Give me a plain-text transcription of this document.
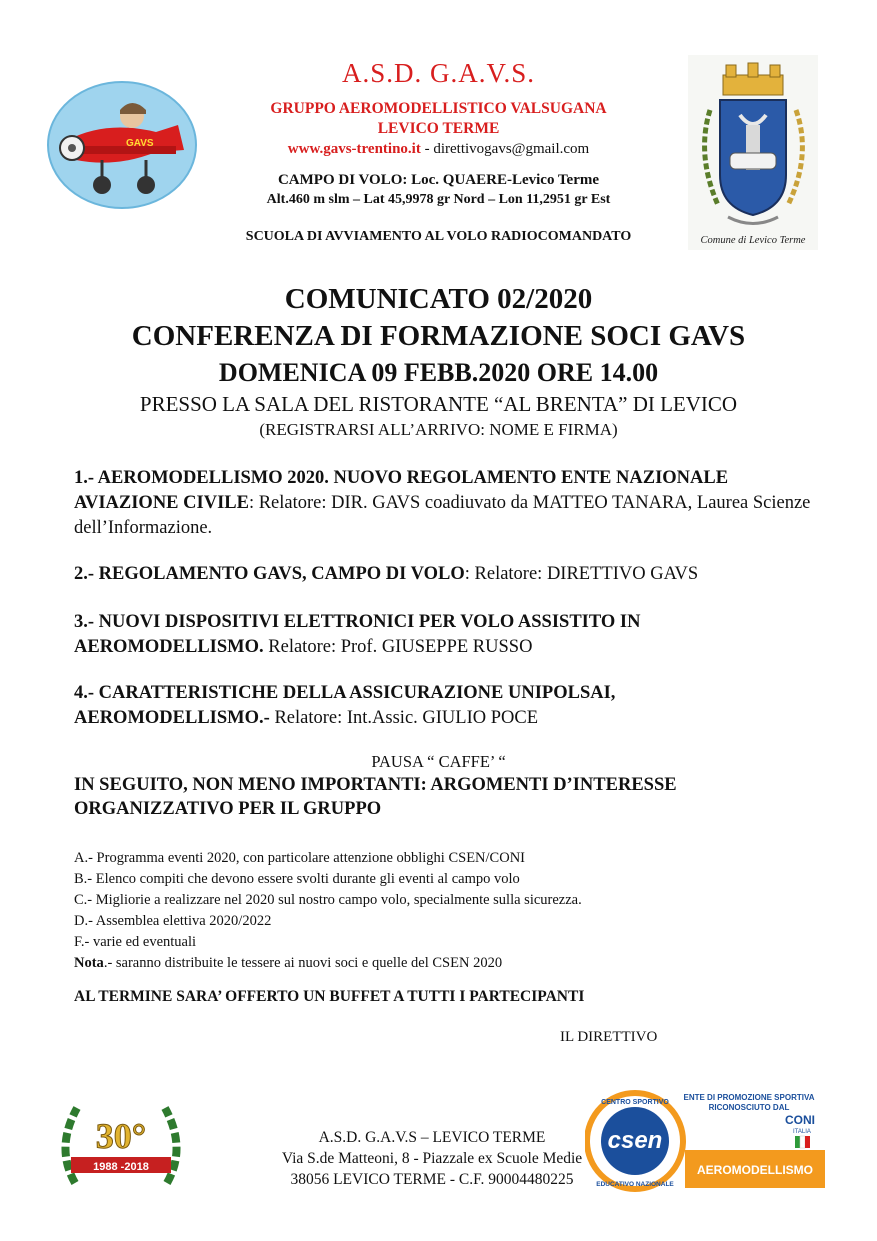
GAVS
A.S.D. G.A.V.S.
GRUPPO AEROMODELLISTICO VALSUGANA
LEVICO TERME
www.gavs-trentino.it - direttivogavs@gmail.com
CAMPO DI VOLO: Loc. QUAERE-Levico Terme
Alt.460 m slm – Lat 45,9978 gr Nord – Lon 11,2951 gr Est
SCUOLA DI AVVIAMENTO AL VOLO RADIOCOMANDATO	Comune di Levico Terme
COMUNICATO 02/2020
CONFERENZA DI FORMAZIONE SOCI GAVS
DOMENICA 09 FEBB.2020 ORE 14.00
PRESSO LA SALA DEL RISTORANTE “AL BRENTA” DI LEVICO
(REGISTRARSI ALL’ARRIVO: NOME E FIRMA)
1.- AEROMODELLISMO 2020. NUOVO REGOLAMENTO ENTE NAZIONALE AVIAZIONE CIVILE: Relatore: DIR. GAVS coadiuvato da MATTEO TANARA, Laurea Scienze dell’Informazione.
2.- REGOLAMENTO GAVS, CAMPO DI VOLO: Relatore: DIRETTIVO GAVS
3.- NUOVI DISPOSITIVI ELETTRONICI PER VOLO ASSISTITO IN AEROMODELLISMO. Relatore: Prof. GIUSEPPE RUSSO
4.- CARATTERISTICHE DELLA ASSICURAZIONE UNIPOLSAI, AEROMODELLISMO.- Relatore: Int.Assic. GIULIO POCE
PAUSA “ CAFFE’ “
IN SEGUITO, NON MENO IMPORTANTI: ARGOMENTI D’INTERESSE ORGANIZZATIVO PER IL GRUPPO
A.- Programma eventi 2020, con particolare attenzione obblighi CSEN/CONI
B.- Elenco compiti che devono essere svolti durante gli eventi al campo volo
C.- Migliorie a realizzare nel 2020 sul nostro campo volo, specialmente sulla sicurezza.
D.- Assemblea elettiva 2020/2022
F.- varie ed eventuali
Nota.- saranno distribuite le tessere ai nuovi soci e quelle del CSEN 2020
AL TERMINE SARA’ OFFERTO UN BUFFET A TUTTI I PARTECIPANTI
IL DIRETTIVO
30°
1988 -2018
A.S.D. G.A.V.S – LEVICO TERME
Via S.de Matteoni, 8 - Piazzale ex Scuole Medie
38056 LEVICO TERME - C.F. 90004480225
csen
CENTRO SPORTIVO
EDUCATIVO NAZIONALE
ENTE DI PROMOZIONE SPORTIVA
RICONOSCIUTO DAL
CONI
ITALIA
AEROMODELLISMO
